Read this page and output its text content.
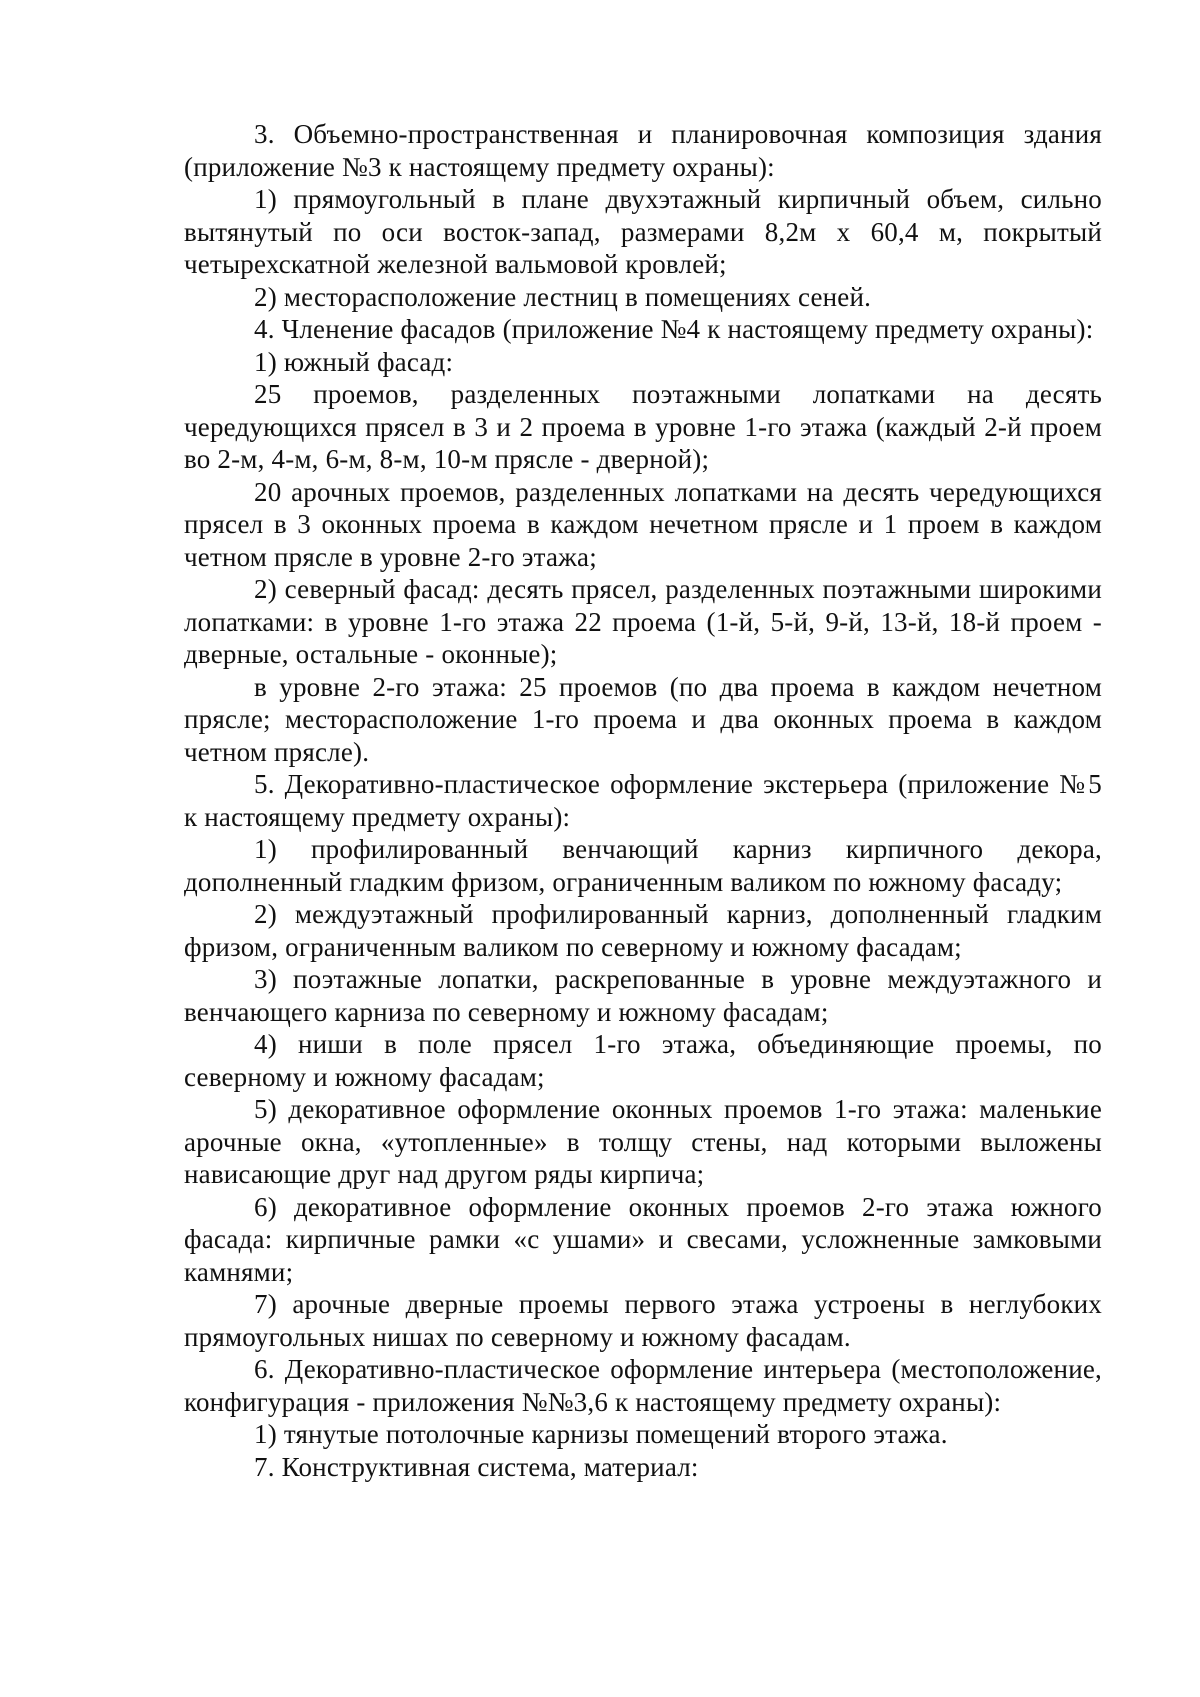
3. Объемно-пространственная и планировочная композиция здания (приложение №3 к настоящему предмету охраны):

1) прямоугольный в плане двухэтажный кирпичный объем, сильно вытянутый по оси восток-запад, размерами 8,2м х 60,4 м, покрытый четырехскатной железной вальмовой кровлей;

2) месторасположение лестниц в помещениях сеней.

4. Членение фасадов (приложение №4 к настоящему предмету охраны):

1) южный фасад:

25 проемов, разделенных поэтажными лопатками на десять чередующихся прясел в 3 и 2 проема в уровне 1-го этажа (каждый 2-й проем во 2-м, 4-м, 6-м, 8-м, 10-м прясле - дверной);

20 арочных проемов, разделенных лопатками на десять чередующихся прясел в 3 оконных проема в каждом нечетном прясле и 1 проем в каждом четном прясле в уровне 2-го этажа;

2) северный фасад: десять прясел, разделенных поэтажными широкими лопатками: в уровне 1-го этажа 22 проема (1-й, 5-й, 9-й, 13-й, 18-й проем - дверные, остальные - оконные);

в уровне 2-го этажа: 25 проемов (по два проема в каждом нечетном прясле; месторасположение 1-го проема и два оконных проема в каждом четном прясле).

5. Декоративно-пластическое оформление экстерьера (приложение №5 к настоящему предмету охраны):

1) профилированный венчающий карниз кирпичного декора, дополненный гладким фризом, ограниченным валиком по южному фасаду;

2) междуэтажный профилированный карниз, дополненный гладким фризом, ограниченным валиком по северному и южному фасадам;

3) поэтажные лопатки, раскрепованные в уровне междуэтажного и венчающего карниза по северному и южному фасадам;

4) ниши в поле прясел 1-го этажа, объединяющие проемы, по северному и южному фасадам;

5) декоративное оформление оконных проемов 1-го этажа: маленькие арочные окна, «утопленные» в толщу стены, над которыми выложены нависающие друг над другом ряды кирпича;

6) декоративное оформление оконных проемов 2-го этажа южного фасада: кирпичные рамки «с ушами» и свесами, усложненные замковыми камнями;

7) арочные дверные проемы первого этажа устроены в неглубоких прямоугольных нишах по северному и южному фасадам.

6. Декоративно-пластическое оформление интерьера (местоположение, конфигурация - приложения №№3,6 к настоящему предмету охраны):

1) тянутые потолочные карнизы помещений второго этажа.

7. Конструктивная система, материал:
